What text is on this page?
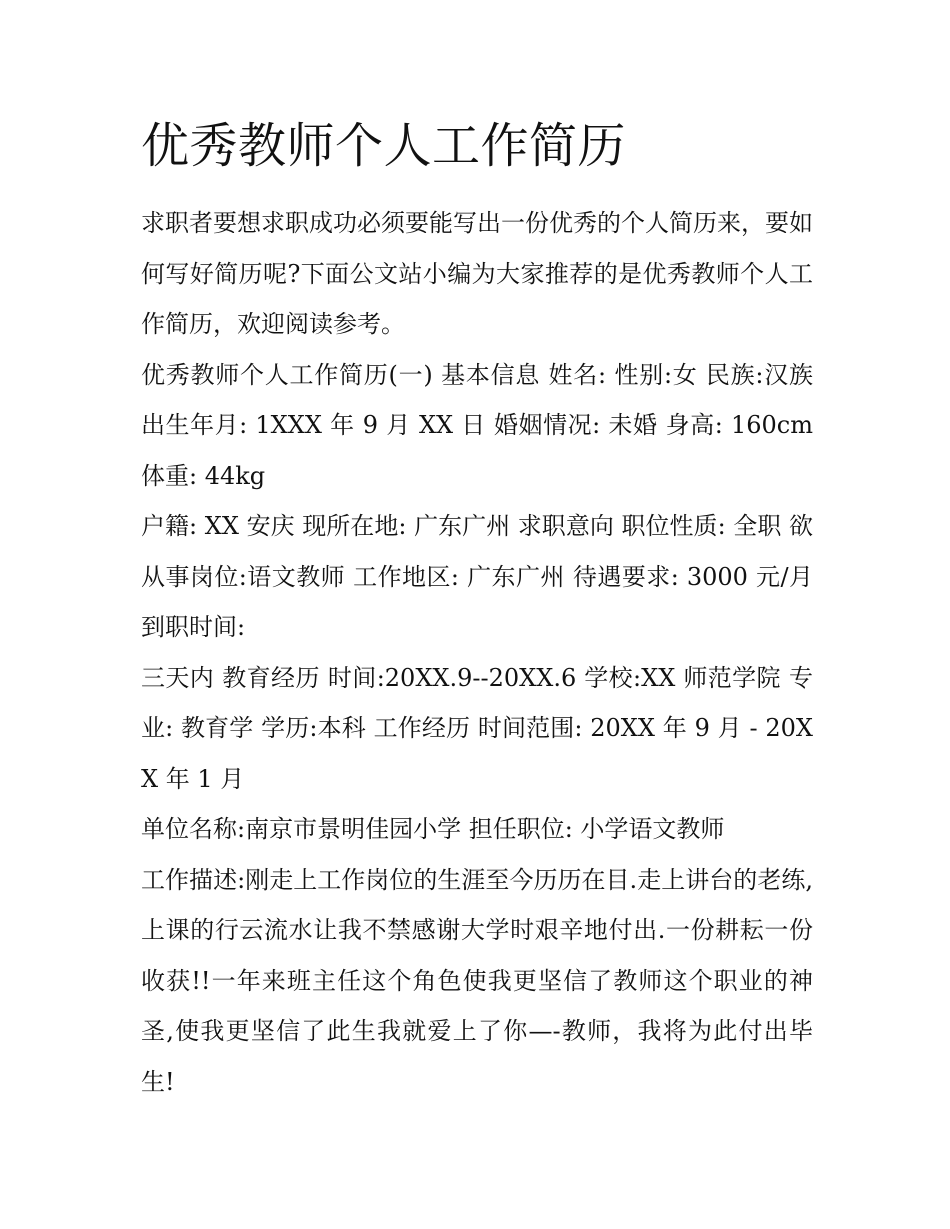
优秀教师个人工作简历

求职者要想求职成功必须要能写出一份优秀的个人简历来，要如何写好简历呢?下面公文站小编为大家推荐的是优秀教师个人工作简历，欢迎阅读参考。

优秀教师个人工作简历(一) 基本信息 姓名: 性别:女 民族:汉族 出生年月: 1XXX 年 9 月 XX 日 婚姻情况: 未婚 身高: 160cm 体重: 44kg

户籍: XX 安庆 现所在地: 广东广州 求职意向 职位性质: 全职 欲从事岗位:语文教师 工作地区: 广东广州 待遇要求: 3000 元/月 到职时间:

三天内 教育经历 时间:20XX.9--20XX.6 学校:XX 师范学院 专业: 教育学 学历:本科 工作经历 时间范围: 20XX 年 9 月 - 20XX 年 1 月

单位名称:南京市景明佳园小学 担任职位: 小学语文教师

工作描述:刚走上工作岗位的生涯至今历历在目.走上讲台的老练,上课的行云流水让我不禁感谢大学时艰辛地付出.一份耕耘一份收获!!一年来班主任这个角色使我更坚信了教师这个职业的神圣,使我更坚信了此生我就爱上了你—-教师，我将为此付出毕生!
